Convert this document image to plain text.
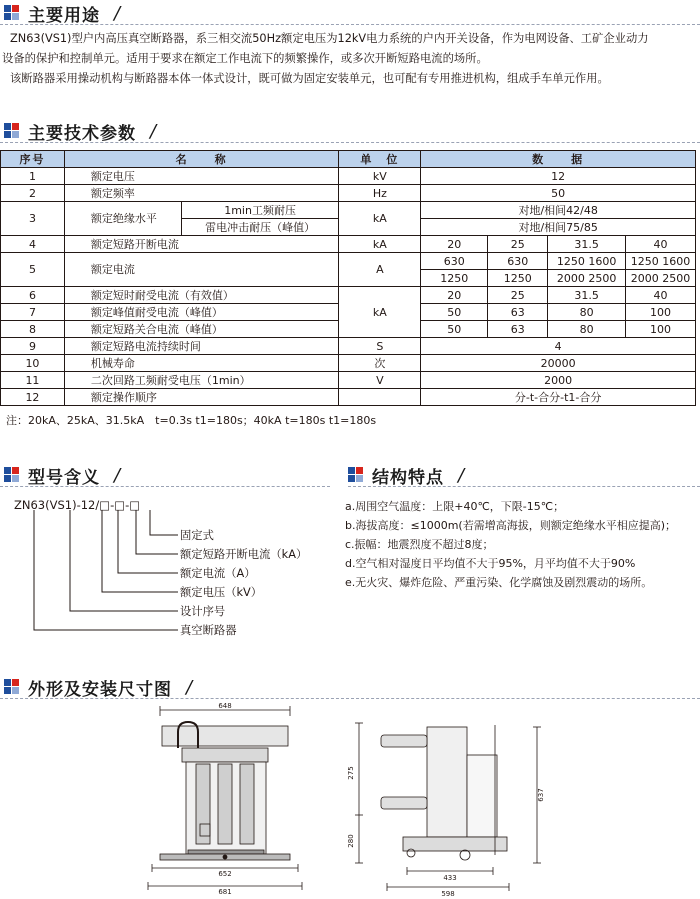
主要用途 /
ZN63(VS1)型户内高压真空断路器，系三相交流50Hz额定电压为12kV电力系统的户内开关设备，作为电网设备、工矿企业动力
设备的保护和控制单元。适用于要求在额定工作电流下的频繁操作，或多次开断短路电流的场所。
该断路器采用操动机构与断路器本体一体式设计，既可做为固定安装单元，也可配有专用推进机构，组成手车单元作用。
主要技术参数 /
序号	名　　称		单　位	数　　据			
1	额定电压		kV	12			
2	额定频率		Hz	50			
3	额定绝缘水平	1min工频耐压	kA	对地/相间42/48			
		雷电冲击耐压（峰值）		对地/相间75/85			
4	额定短路开断电流		kA	20	25	31.5	40
5	额定电流		A	630	630	1250 1600	1250 1600
				1250	1250	2000 2500	2000 2500
6	额定短时耐受电流（有效值）		kA	20	25	31.5	40
7	额定峰值耐受电流（峰值）			50	63	80	100
8	额定短路关合电流（峰值）			50	63	80	100
9	额定短路电流持续时间		S	4			
10	机械寿命		次	20000			
11	二次回路工频耐受电压（1min）		V	2000			
12	额定操作顺序			分-t-合分-t1-合分			
注：20kA、25kA、31.5kA　t=0.3s t1=180s；40kA t=180s t1=180s
型号含义 /	结构特点 /
ZN63(VS1)-12/□-□-□
固定式
额定短路开断电流（kA）
额定电流（A）
额定电压（kV）
设计序号
真空断路器
a.周围空气温度：上限+40℃，下限-15℃；
b.海拔高度：≤1000m(若需增高海拔，则额定绝缘水平相应提高)；
c.振幅：地震烈度不超过8度；
d.空气相对湿度日平均值不大于95%，月平均值不大于90%
e.无火灾、爆炸危险、严重污染、化学腐蚀及剧烈震动的场所。
外形及安装尺寸图 /
648
652
681
275
280
637
433
598
